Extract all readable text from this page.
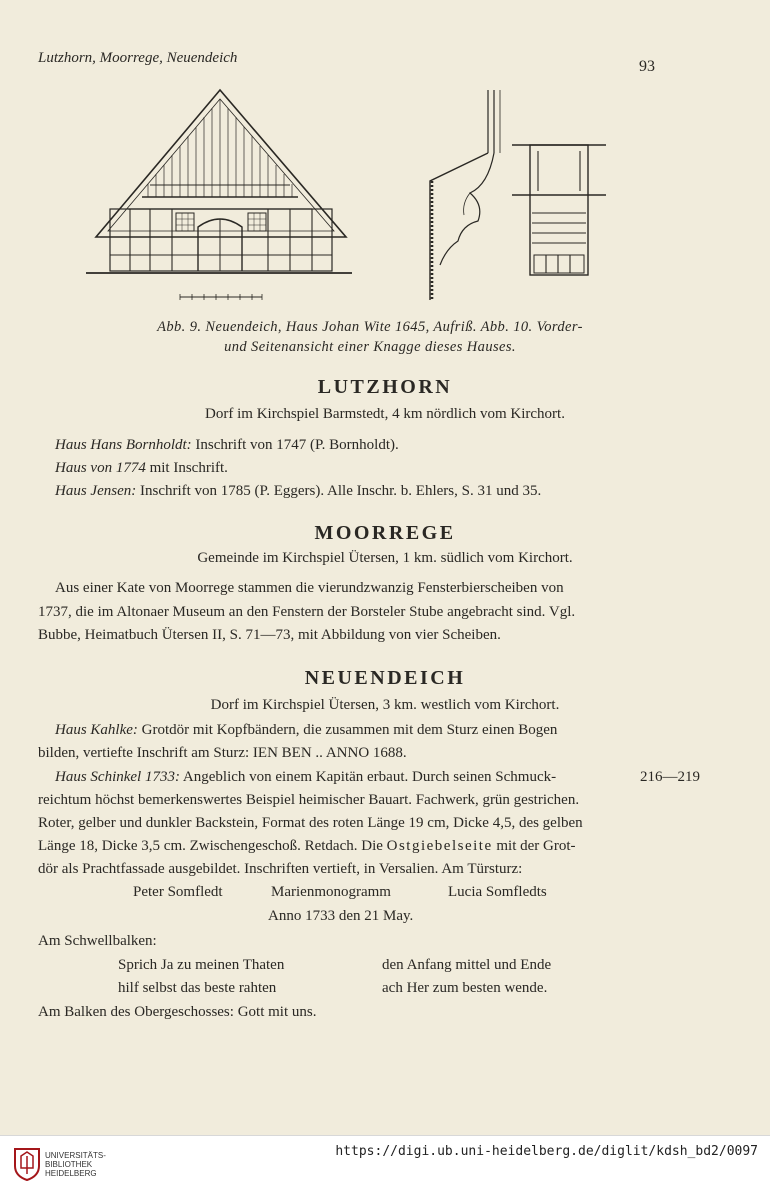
Lutzhorn, Moorrege, Neuendeich	93
Abb. 9. Neuendeich, Haus Johan Wite 1645, Aufriß. Abb. 10. Vorder-
und Seitenansicht einer Knagge dieses Hauses.
LUTZHORN
Dorf im Kirchspiel Barmstedt, 4 km nördlich vom Kirchort.
Haus Hans Bornholdt: Inschrift von 1747 (P. Bornholdt).
Haus von 1774 mit Inschrift.
Haus Jensen: Inschrift von 1785 (P. Eggers). Alle Inschr. b. Ehlers, S. 31 und 35.
MOORREGE
Gemeinde im Kirchspiel Ütersen, 1 km. südlich vom Kirchort.
Aus einer Kate von Moorrege stammen die vierundzwanzig Fensterbierscheiben von
1737, die im Altonaer Museum an den Fenstern der Borsteler Stube angebracht sind. Vgl.
Bubbe, Heimatbuch Ütersen II, S. 71—73, mit Abbildung von vier Scheiben.
NEUENDEICH
Dorf im Kirchspiel Ütersen, 3 km. westlich vom Kirchort.
Haus Kahlke: Grotdör mit Kopfbändern, die zusammen mit dem Sturz einen Bogen
bilden, vertiefte Inschrift am Sturz: IEN BEN .. ANNO 1688.
Haus Schinkel 1733: Angeblich von einem Kapitän erbaut. Durch seinen Schmuck-	216—219
reichtum höchst bemerkenswertes Beispiel heimischer Bauart. Fachwerk, grün gestrichen.
Roter, gelber und dunkler Backstein, Format des roten Länge 19 cm, Dicke 4,5, des gelben
Länge 18, Dicke 3,5 cm. Zwischengeschoß. Retdach. Die Ostgiebelseite mit der Grot-
dör als Prachtfassade ausgebildet. Inschriften vertieft, in Versalien. Am Türsturz:
Peter Somfledt	Marienmonogramm	Lucia Somfledts
Anno 1733 den 21 May.
Am Schwellbalken:
Sprich Ja zu meinen Thaten	den Anfang mittel und Ende
hilf selbst das beste rahten	ach Her zum besten wende.
Am Balken des Obergeschosses: Gott mit uns.
UNIVERSITÄTS-
BIBLIOTHEK
HEIDELBERG
https://digi.ub.uni-heidelberg.de/diglit/kdsh_bd2/0097
